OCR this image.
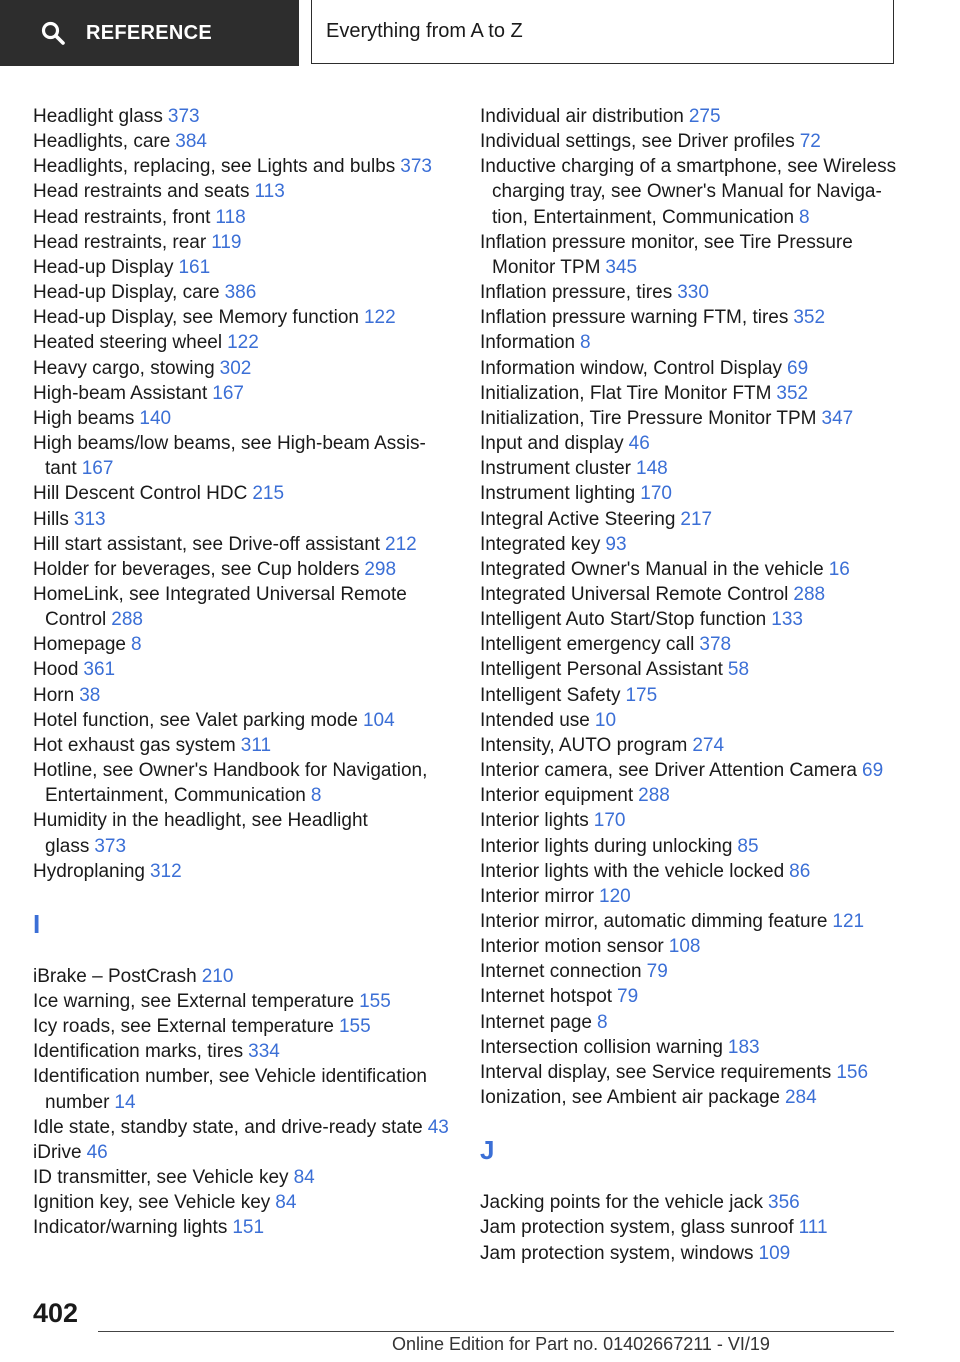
REFERENCE	Everything from A to Z
Headlight glass 373
Headlights, care 384
Headlights, replacing, see Lights and bulbs 373
Head restraints and seats 113
Head restraints, front 118
Head restraints, rear 119
Head-up Display 161
Head-up Display, care 386
Head-up Display, see Memory function 122
Heated steering wheel 122
Heavy cargo, stowing 302
High-beam Assistant 167
High beams 140
High beams/low beams, see High-beam Assis‐tant 167
Hill Descent Control HDC 215
Hills 313
Hill start assistant, see Drive-off assistant 212
Holder for beverages, see Cup holders 298
HomeLink, see Integrated Universal Remote Control 288
Homepage 8
Hood 361
Horn 38
Hotel function, see Valet parking mode 104
Hot exhaust gas system 311
Hotline, see Owner's Handbook for Navigation, Entertainment, Communication 8
Humidity in the headlight, see Headlight glass 373
Hydroplaning 312
I
iBrake – PostCrash 210
Ice warning, see External temperature 155
Icy roads, see External temperature 155
Identification marks, tires 334
Identification number, see Vehicle identification number 14
Idle state, standby state, and drive-ready state 43
iDrive 46
ID transmitter, see Vehicle key 84
Ignition key, see Vehicle key 84
Indicator/warning lights 151
Individual air distribution 275
Individual settings, see Driver profiles 72
Inductive charging of a smartphone, see Wireless charging tray, see Owner's Manual for Naviga‐tion, Entertainment, Communication 8
Inflation pressure monitor, see Tire Pressure Monitor TPM 345
Inflation pressure, tires 330
Inflation pressure warning FTM, tires 352
Information 8
Information window, Control Display 69
Initialization, Flat Tire Monitor FTM 352
Initialization, Tire Pressure Monitor TPM 347
Input and display 46
Instrument cluster 148
Instrument lighting 170
Integral Active Steering 217
Integrated key 93
Integrated Owner's Manual in the vehicle 16
Integrated Universal Remote Control 288
Intelligent Auto Start/Stop function 133
Intelligent emergency call 378
Intelligent Personal Assistant 58
Intelligent Safety 175
Intended use 10
Intensity, AUTO program 274
Interior camera, see Driver Attention Camera 69
Interior equipment 288
Interior lights 170
Interior lights during unlocking 85
Interior lights with the vehicle locked 86
Interior mirror 120
Interior mirror, automatic dimming feature 121
Interior motion sensor 108
Internet connection 79
Internet hotspot 79
Internet page 8
Intersection collision warning 183
Interval display, see Service requirements 156
Ionization, see Ambient air package 284
J
Jacking points for the vehicle jack 356
Jam protection system, glass sunroof 111
Jam protection system, windows 109
402
Online Edition for Part no. 01402667211 - VI/19
